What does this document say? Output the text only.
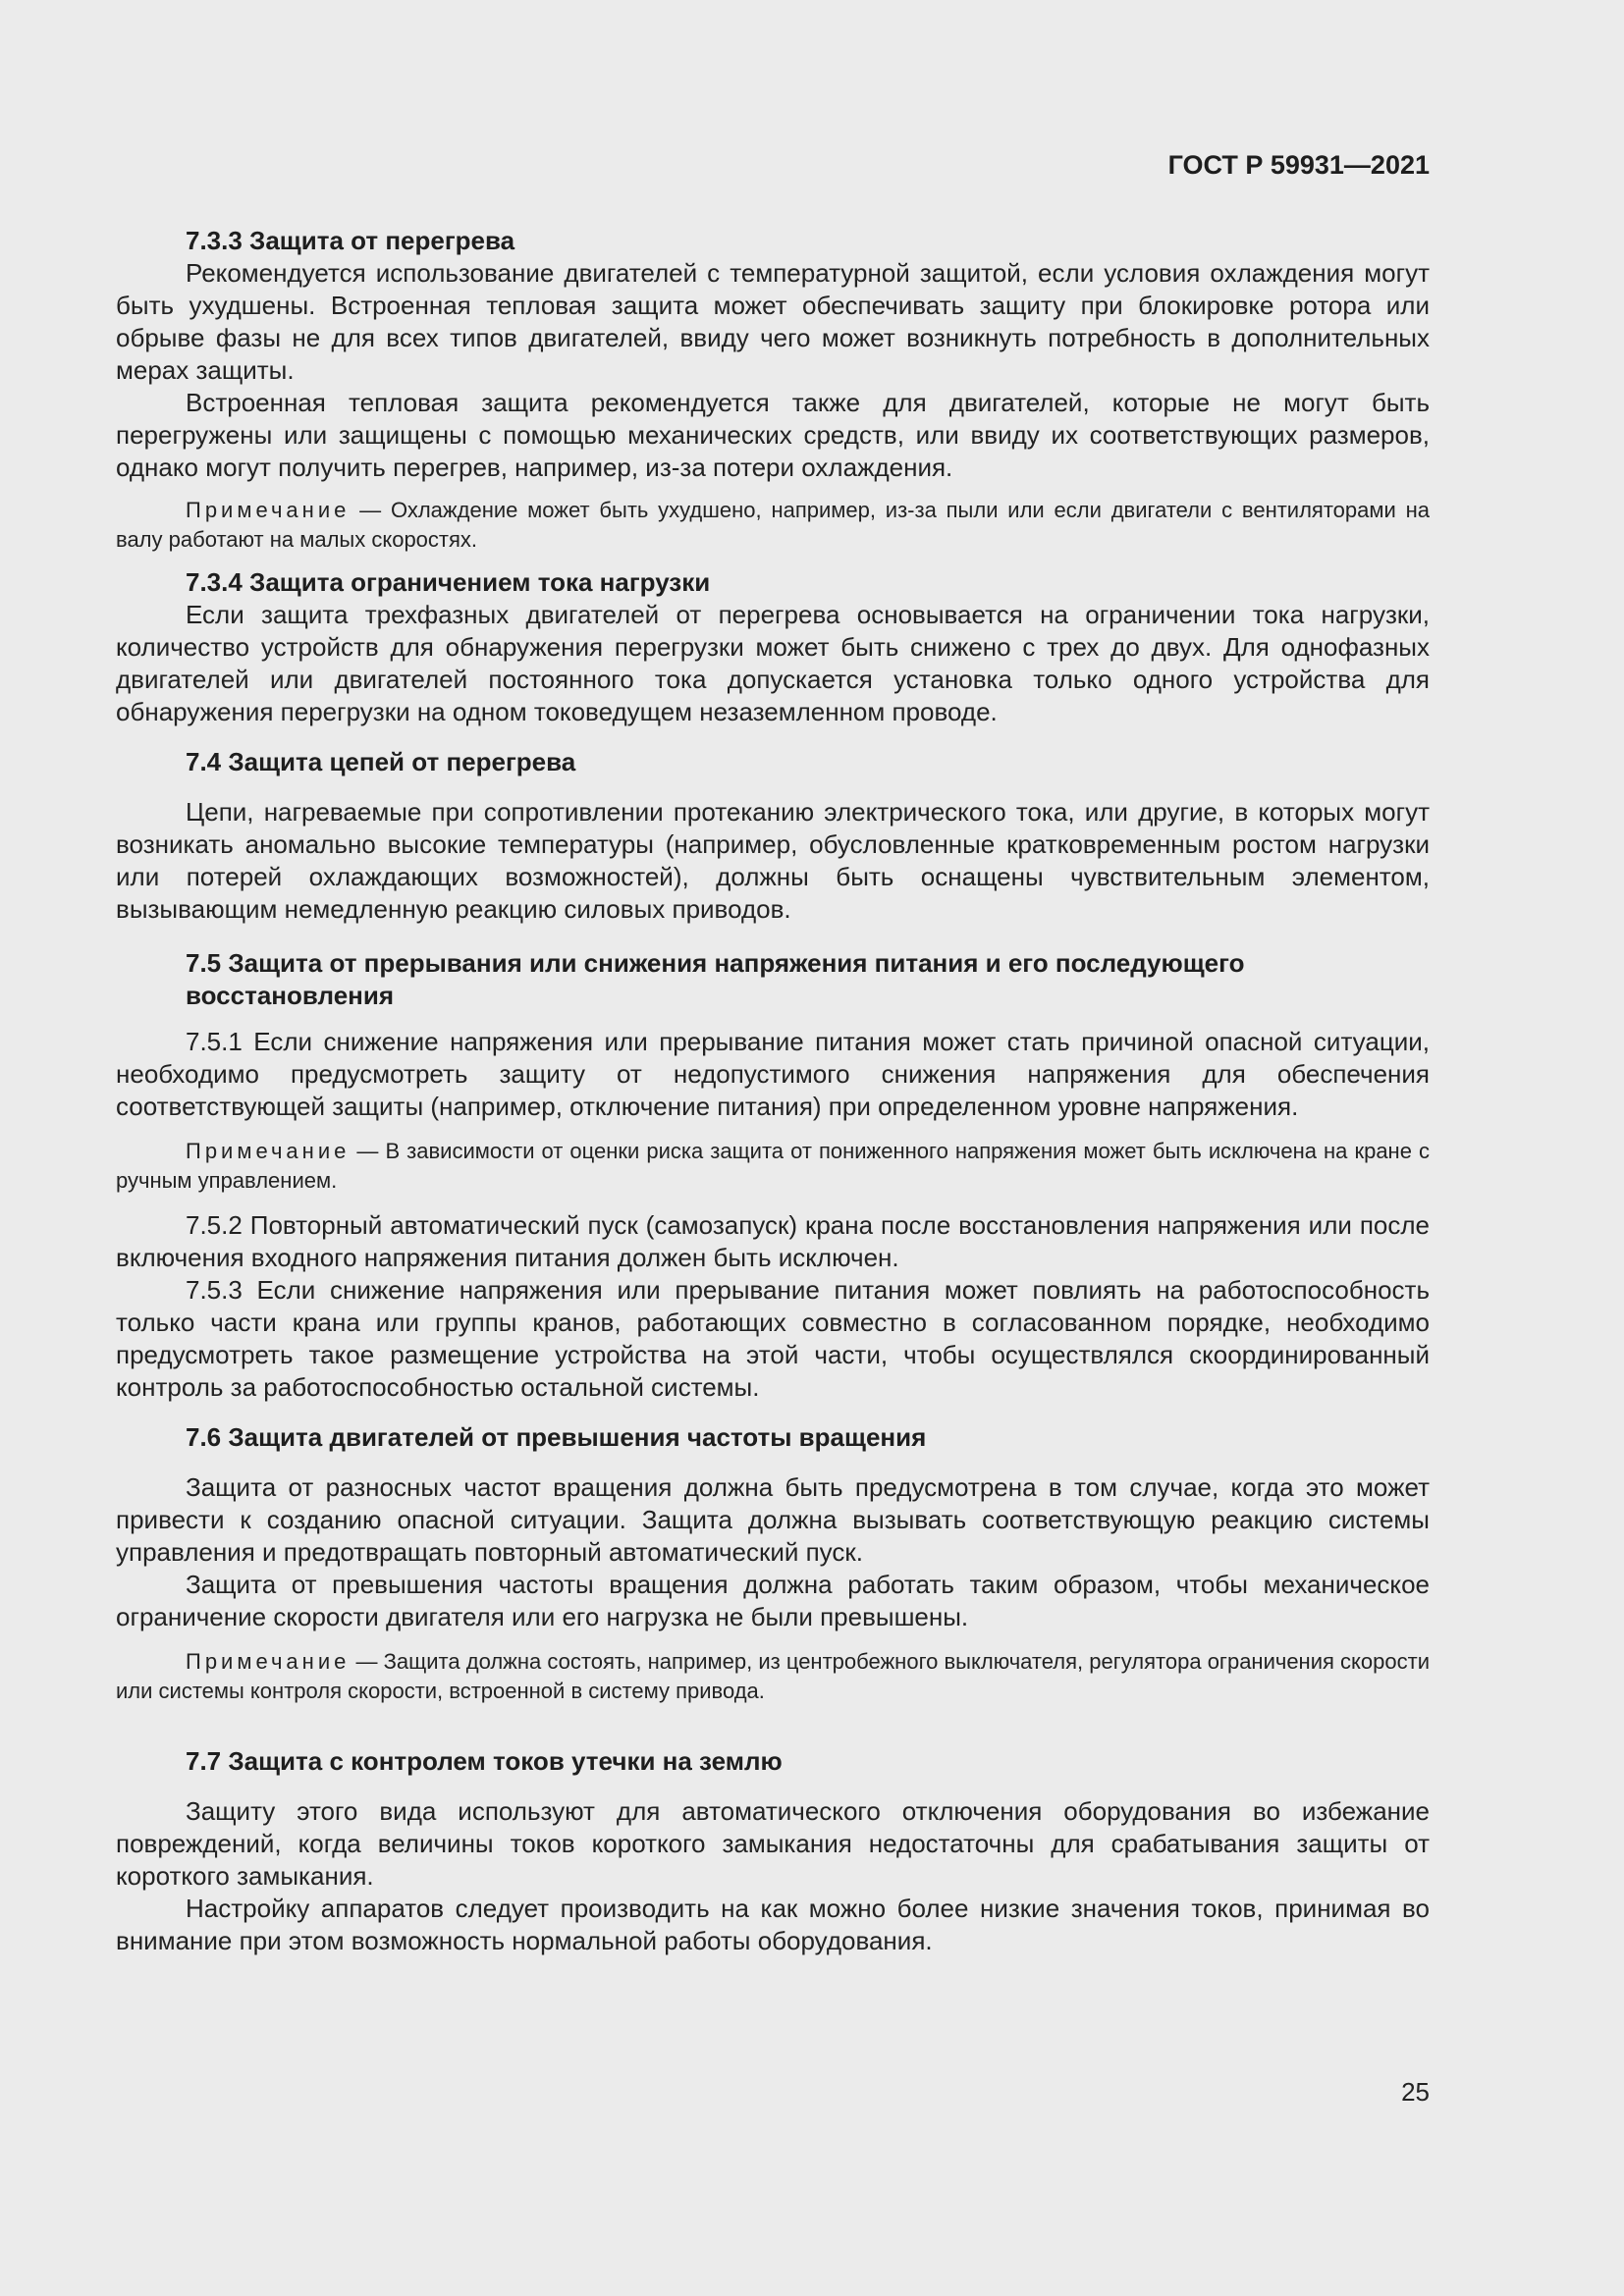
ГОСТ Р 59931—2021

7.3.3 Защита от перегрева

Рекомендуется использование двигателей с температурной защитой, если условия охлаждения могут быть ухудшены. Встроенная тепловая защита может обеспечивать защиту при блокировке ротора или обрыве фазы не для всех типов двигателей, ввиду чего может возникнуть потребность в дополнительных мерах защиты.

Встроенная тепловая защита рекомендуется также для двигателей, которые не могут быть перегружены или защищены с помощью механических средств, или ввиду их соответствующих размеров, однако могут получить перегрев, например, из-за потери охлаждения.

Примечание — Охлаждение может быть ухудшено, например, из-за пыли или если двигатели с вентиляторами на валу работают на малых скоростях.

7.3.4 Защита ограничением тока нагрузки

Если защита трехфазных двигателей от перегрева основывается на ограничении тока нагрузки, количество устройств для обнаружения перегрузки может быть снижено с трех до двух. Для однофазных двигателей или двигателей постоянного тока допускается установка только одного устройства для обнаружения перегрузки на одном токоведущем незаземленном проводе.

7.4 Защита цепей от перегрева

Цепи, нагреваемые при сопротивлении протеканию электрического тока, или другие, в которых могут возникать аномально высокие температуры (например, обусловленные кратковременным ростом нагрузки или потерей охлаждающих возможностей), должны быть оснащены чувствительным элементом, вызывающим немедленную реакцию силовых приводов.

7.5 Защита от прерывания или снижения напряжения питания и его последующего восстановления

7.5.1 Если снижение напряжения или прерывание питания может стать причиной опасной ситуации, необходимо предусмотреть защиту от недопустимого снижения напряжения для обеспечения соответствующей защиты (например, отключение питания) при определенном уровне напряжения.

Примечание — В зависимости от оценки риска защита от пониженного напряжения может быть исключена на кране с ручным управлением.

7.5.2 Повторный автоматический пуск (самозапуск) крана после восстановления напряжения или после включения входного напряжения питания должен быть исключен.

7.5.3 Если снижение напряжения или прерывание питания может повлиять на работоспособность только части крана или группы кранов, работающих совместно в согласованном порядке, необходимо предусмотреть такое размещение устройства на этой части, чтобы осуществлялся скоординированный контроль за работоспособностью остальной системы.

7.6 Защита двигателей от превышения частоты вращения

Защита от разносных частот вращения должна быть предусмотрена в том случае, когда это может привести к созданию опасной ситуации. Защита должна вызывать соответствующую реакцию системы управления и предотвращать повторный автоматический пуск.

Защита от превышения частоты вращения должна работать таким образом, чтобы механическое ограничение скорости двигателя или его нагрузка не были превышены.

Примечание — Защита должна состоять, например, из центробежного выключателя, регулятора ограничения скорости или системы контроля скорости, встроенной в систему привода.

7.7 Защита с контролем токов утечки на землю

Защиту этого вида используют для автоматического отключения оборудования во избежание повреждений, когда величины токов короткого замыкания недостаточны для срабатывания защиты от короткого замыкания.

Настройку аппаратов следует производить на как можно более низкие значения токов, принимая во внимание при этом возможность нормальной работы оборудования.

25
